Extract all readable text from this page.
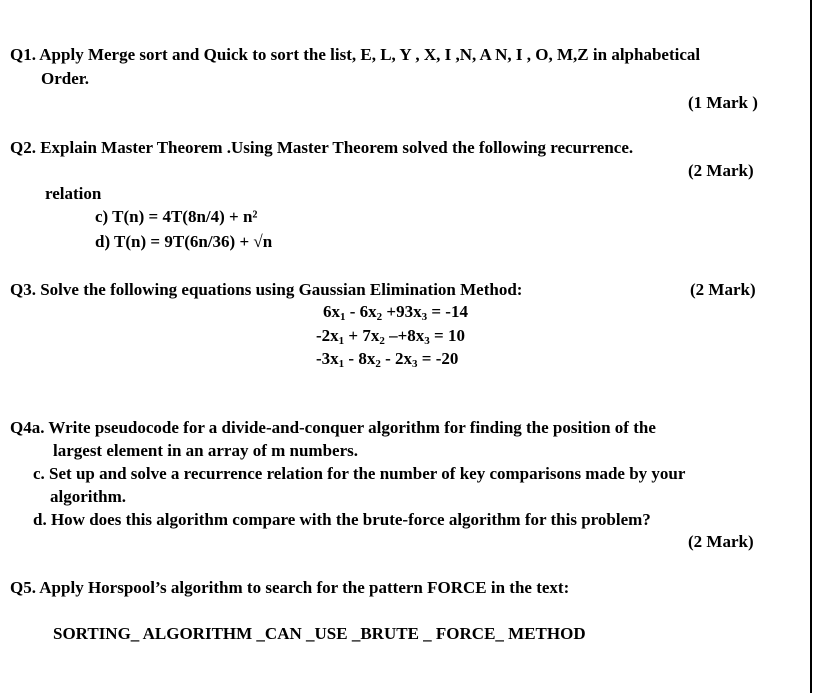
Q1. Apply Merge sort and Quick to sort the list, E, L, Y , X, I ,N, A N, I , O, M,Z in alphabetical
Order.
(1 Mark )
Q2. Explain Master Theorem .Using Master Theorem solved the following recurrence.
(2 Mark)
relation
c) T(n) = 4T(8n/4) + n²
d) T(n) = 9T(6n/36) + √n
Q3. Solve the following equations using Gaussian Elimination Method:	(2 Mark)
$6x_1 - 6x_2 +93x_3 = -14$
$-2x_1 + 7x_2$ $-+8x_3 = 10$
$-3x_1 - 8x_2 - 2x_3 = -20$
Q4a. Write pseudocode for a divide-and-conquer algorithm for finding the position of the
largest element in an array of m numbers.
c. Set up and solve a recurrence relation for the number of key comparisons made by your
algorithm.
d. How does this algorithm compare with the brute-force algorithm for this problem?
(2 Mark)
Q5. Apply Horspool’s algorithm to search for the pattern FORCE in the text:
SORTING_ ALGORITHM _CAN _USE _BRUTE _ FORCE_ METHOD
